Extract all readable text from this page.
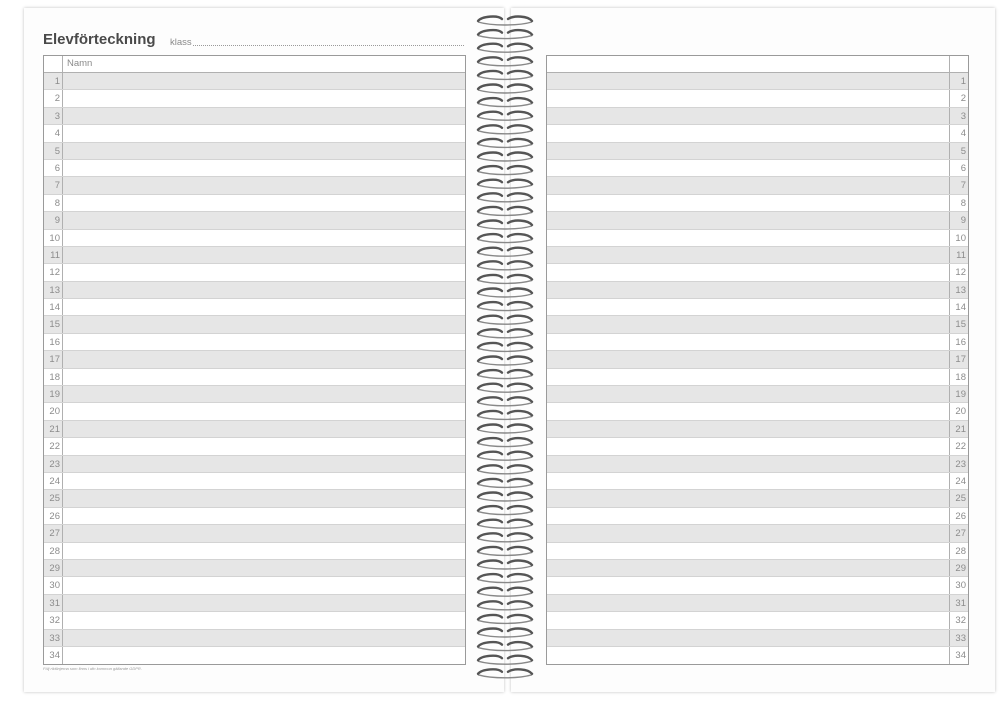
Elevförteckning klass
Namn
1
2
3
4
5
6
7
8
9
10
11
12
13
14
15
16
17
18
19
20
21
22
23
24
25
26
27
28
29
30
31
32
33
34
1
2
3
4
5
6
7
8
9
10
11
12
13
14
15
16
17
18
19
20
21
22
23
24
25
26
27
28
29
30
31
32
33
34
Följ riktlinjerna som finns i din kommun gällande GDPR.
